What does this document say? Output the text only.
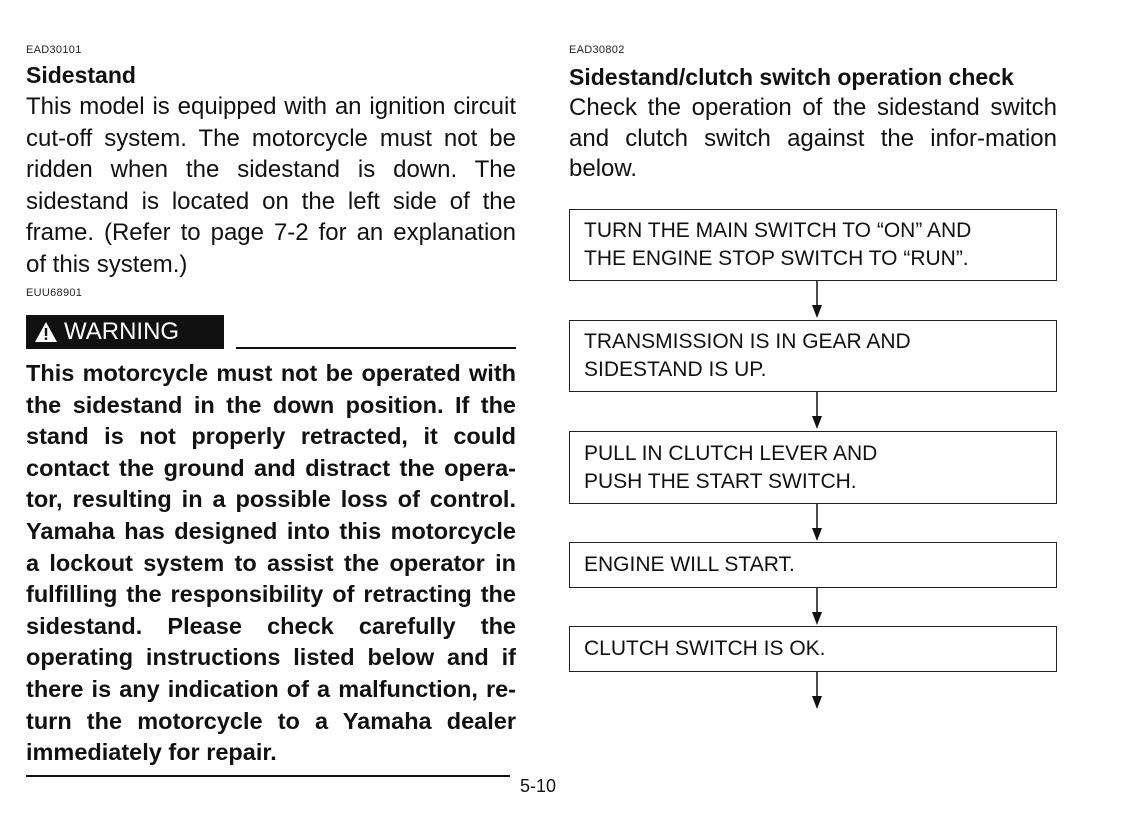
EAD30101
Sidestand
This model is equipped with an ignition circuit cut-off system. The motorcycle must not be ridden when the sidestand is down. The sidestand is located on the left side of the frame. (Refer to page 7-2 for an explanation of this system.)
EUU68901
WARNING
This motorcycle must not be operated with the sidestand in the down position. If the stand is not properly retracted, it could contact the ground and distract the opera-tor, resulting in a possible loss of control. Yamaha has designed into this motorcycle a lockout system to assist the operator in fulfilling the responsibility of retracting the sidestand. Please check carefully the operating instructions listed below and if there is any indication of a malfunction, re-turn the motorcycle to a Yamaha dealer immediately for repair.
5-10
EAD30802
Sidestand/clutch switch operation check
Check the operation of the sidestand switch and clutch switch against the infor-mation below.
TURN THE MAIN SWITCH TO “ON” AND
THE ENGINE STOP SWITCH TO “RUN”.
TRANSMISSION IS IN GEAR AND
SIDESTAND IS UP.
PULL IN CLUTCH LEVER AND
PUSH THE START SWITCH.
ENGINE WILL START.
CLUTCH SWITCH IS OK.
